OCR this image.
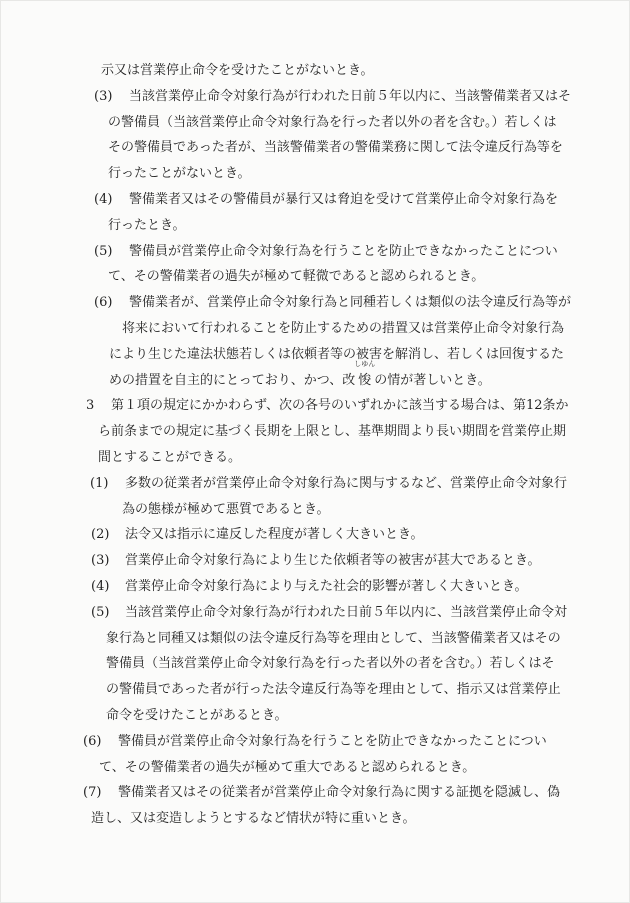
示又は営業停止命令を受けたことがないとき。
(3) 当該営業停止命令対象行為が行われた日前５年以内に、当該警備業者又はそ
の警備員（当該営業停止命令対象行為を行った者以外の者を含む。）若しくは
その警備員であった者が、当該警備業者の警備業務に関して法令違反行為等を
行ったことがないとき。
(4) 警備業者又はその警備員が暴行又は脅迫を受けて営業停止命令対象行為を
行ったとき。
(5) 警備員が営業停止命令対象行為を行うことを防止できなかったことについ
て、その警備業者の過失が極めて軽微であると認められるとき。
(6) 警備業者が、営業停止命令対象行為と同種若しくは類似の法令違反行為等が
将来において行われることを防止するための措置又は営業停止命令対象行為
により生じた違法状態若しくは依頼者等の被害を解消し、若しくは回復するた
めの措置を自主的にとっており、かつ、改
しゆん
悛 の情が著しいとき。
3 第１項の規定にかかわらず、次の各号のいずれかに該当する場合は、第12条か
ら前条までの規定に基づく長期を上限とし、基準期間より長い期間を営業停止期
間とすることができる。
(1) 多数の従業者が営業停止命令対象行為に関与するなど、営業停止命令対象行
為の態様が極めて悪質であるとき。
(2) 法令又は指示に違反した程度が著しく大きいとき。
(3) 営業停止命令対象行為により生じた依頼者等の被害が甚大であるとき。
(4) 営業停止命令対象行為により与えた社会的影響が著しく大きいとき。
(5) 当該営業停止命令対象行為が行われた日前５年以内に、当該営業停止命令対
象行為と同種又は類似の法令違反行為等を理由として、当該警備業者又はその
警備員（当該営業停止命令対象行為を行った者以外の者を含む。）若しくはそ
の警備員であった者が行った法令違反行為等を理由として、指示又は営業停止
命令を受けたことがあるとき。
(6) 警備員が営業停止命令対象行為を行うことを防止できなかったことについ
て、その警備業者の過失が極めて重大であると認められるとき。
(7) 警備業者又はその従業者が営業停止命令対象行為に関する証拠を隠滅し、偽
造し、又は変造しようとするなど情状が特に重いとき。
